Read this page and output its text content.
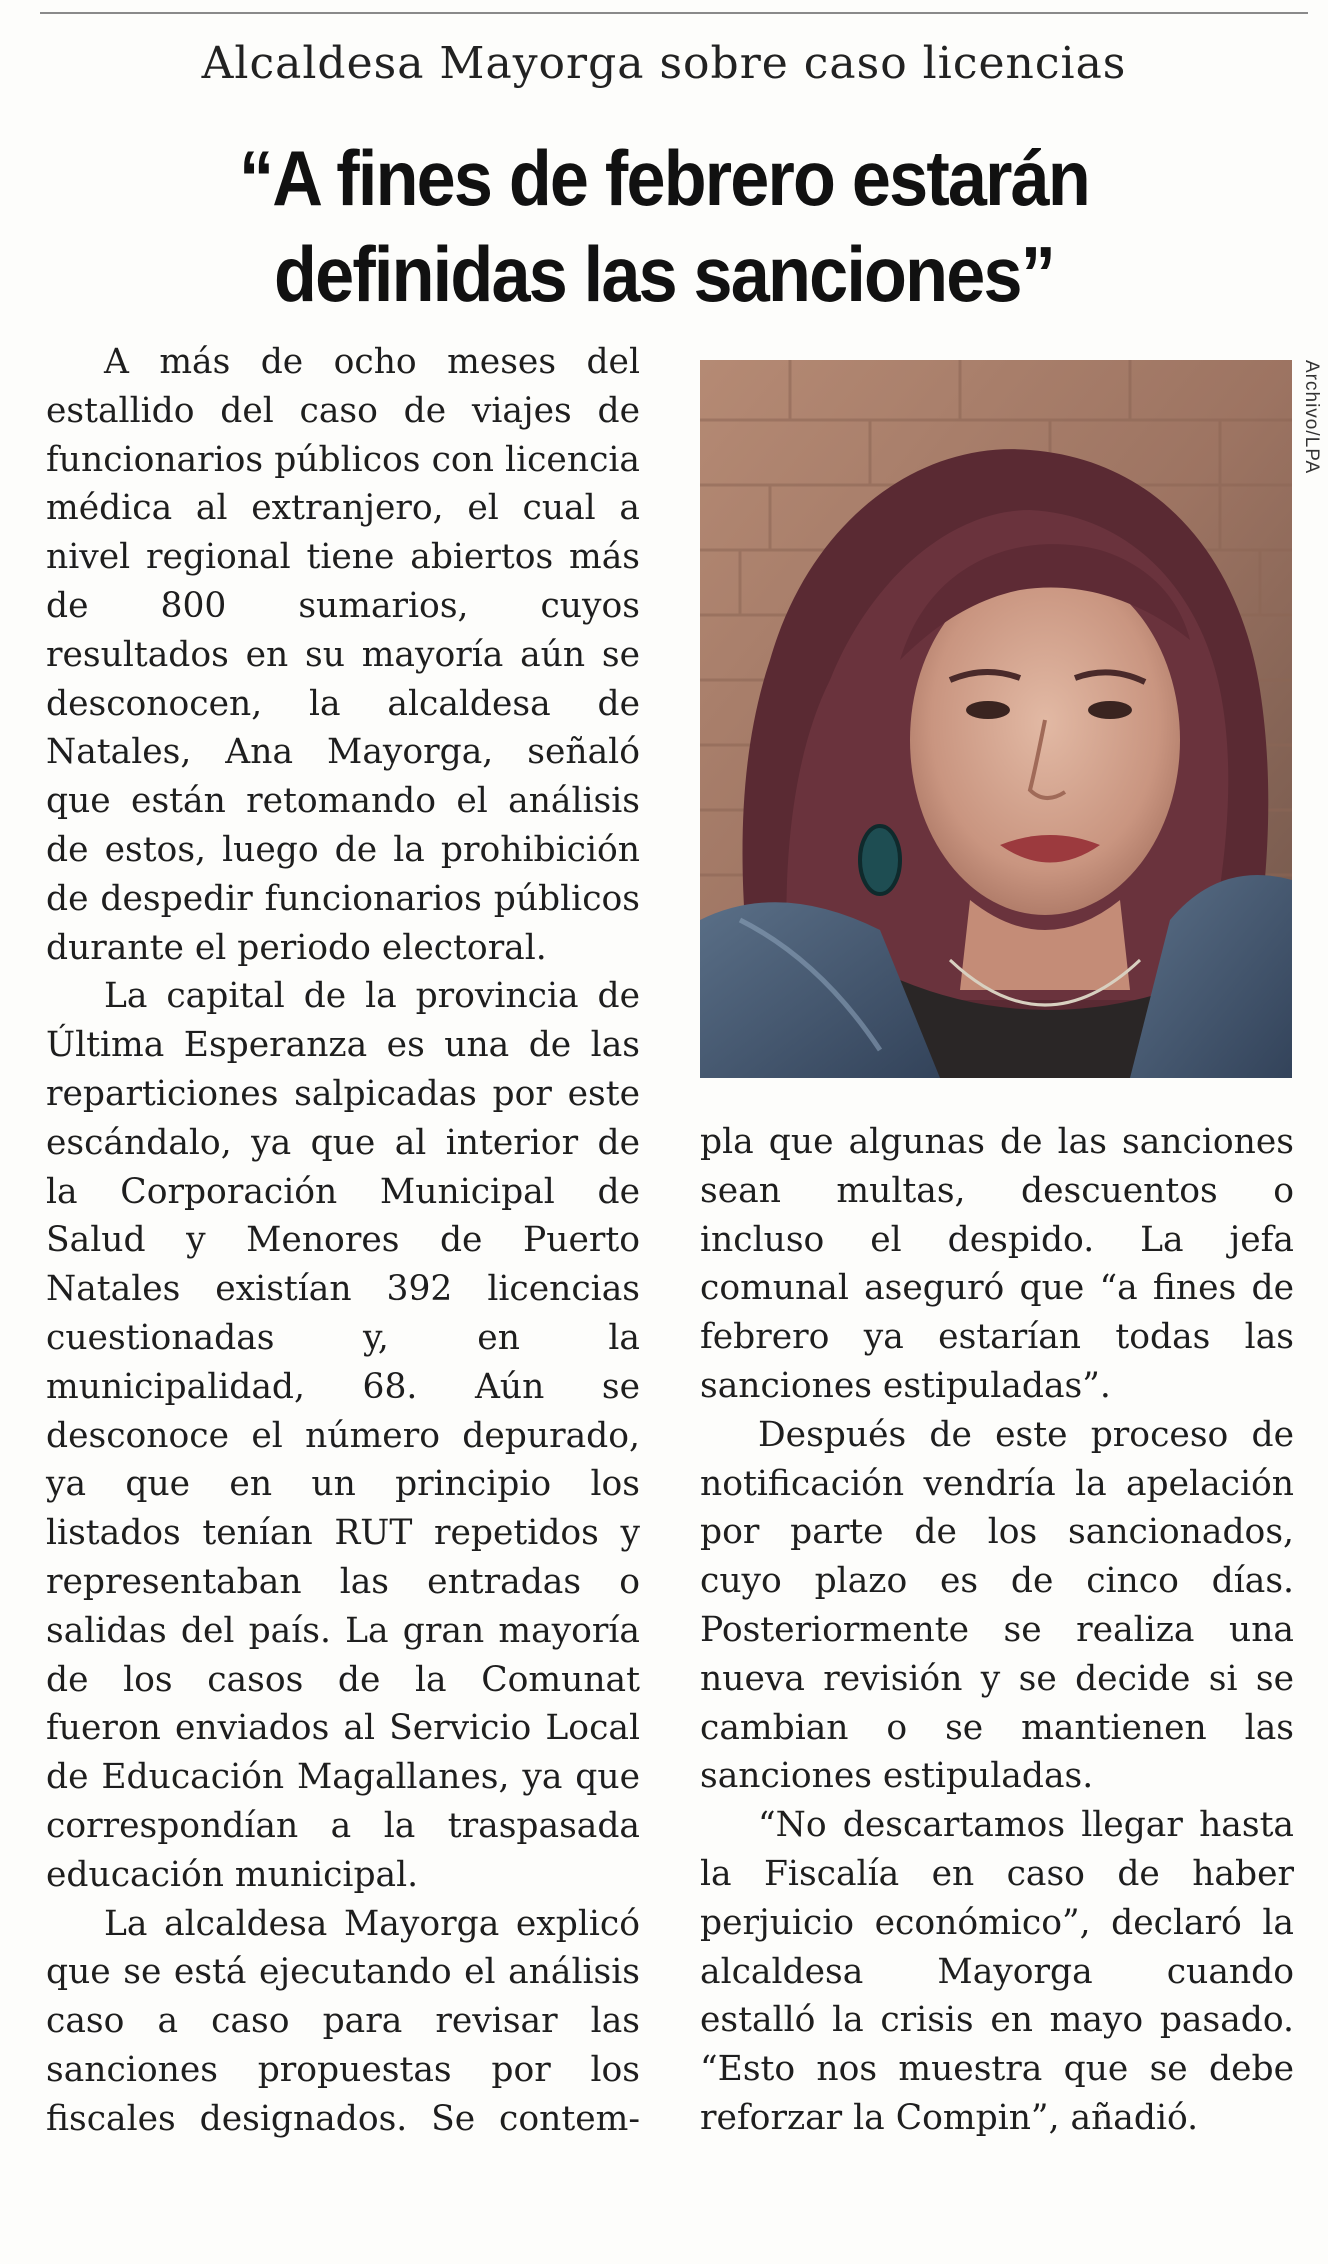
Alcaldesa Mayorga sobre caso licencias
“A fines de febrero estarán
definidas las sanciones”

A más de ocho meses del estallido del caso de viajes de funcionarios públicos con licencia médica al extranjero, el cual a nivel regional tiene abiertos más de 800 sumarios, cuyos resultados en su mayoría aún se desconocen, la alcaldesa de Natales, Ana Mayorga, señaló que están retomando el análisis de estos, luego de la prohibición de despedir funcionarios públicos durante el periodo electoral.

La capital de la provincia de Última Esperanza es una de las reparticiones salpicadas por este escándalo, ya que al interior de la Corporación Municipal de Salud y Menores de Puerto Natales existían 392 licencias cuestionadas y, en la municipalidad, 68. Aún se desconoce el número depurado, ya que en un principio los listados tenían RUT repetidos y representaban las entradas o salidas del país. La gran mayoría de los casos de la Comunat fueron enviados al Servicio Local de Educación Magallanes, ya que correspondían a la traspasada educación municipal.

La alcaldesa Mayorga explicó que se está ejecutando el análisis caso a caso para revisar las sanciones propuestas por los fiscales designados. Se contem-

Archivo/LPA

pla que algunas de las sanciones sean multas, descuentos o incluso el despido. La jefa comunal aseguró que “a fines de febrero ya estarían todas las sanciones estipuladas”.

Después de este proceso de notificación vendría la apelación por parte de los sancionados, cuyo plazo es de cinco días. Posteriormente se realiza una nueva revisión y se decide si se cambian o se mantienen las sanciones estipuladas.

“No descartamos llegar hasta la Fiscalía en caso de haber perjuicio económico”, declaró la alcaldesa Mayorga cuando estalló la crisis en mayo pasado. “Esto nos muestra que se debe reforzar la Compin”, añadió.
